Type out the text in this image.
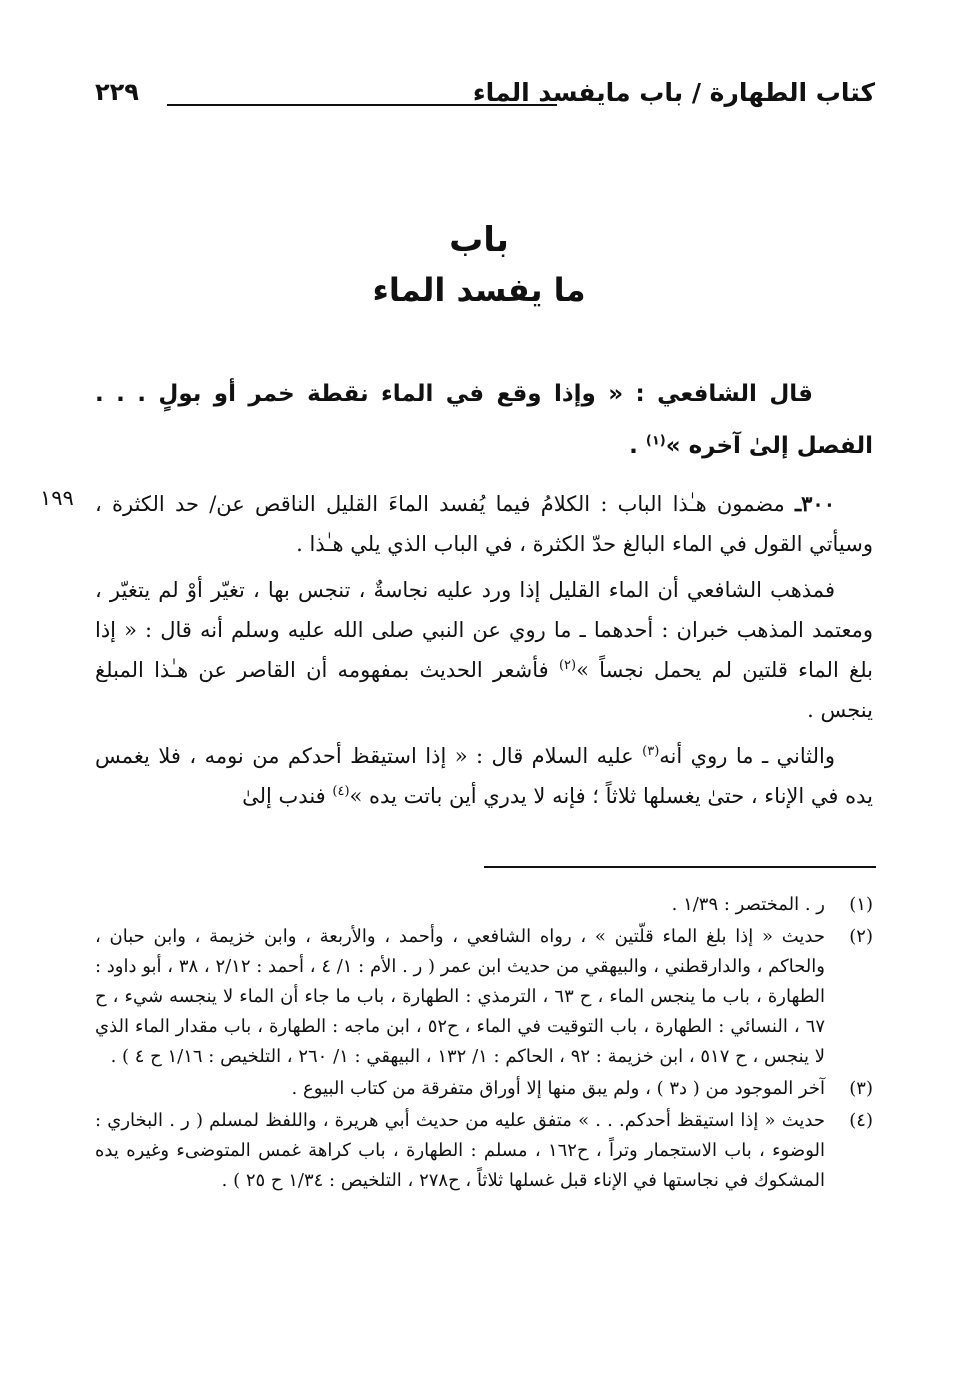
كتاب الطهارة / باب مايفسد الماء
٢٢٩
باب
ما يفسد الماء
١٩٩

قال الشافعي : « وإذا وقع في الماء نقطة خمر أو بولٍ . . . الفصل إلىٰ آخره »$^{(١)}$ .

٣٠٠ـ مضمون هـٰذا الباب : الكلامُ فيما يُفسد الماءَ القليل الناقص عن/ حد الكثرة ، وسيأتي القول في الماء البالغ حدّ الكثرة ، في الباب الذي يلي هـٰذا .

فمذهب الشافعي أن الماء القليل إذا ورد عليه نجاسةٌ ، تنجس بها ، تغيّر أوْ لم يتغيّر ، ومعتمد المذهب خبران : أحدهما ـ ما روي عن النبي صلى الله عليه وسلم أنه قال : « إذا بلغ الماء قلتين لم يحمل نجساً »$^{(٢)}$ فأشعر الحديث بمفهومه أن القاصر عن هـٰذا المبلغ ينجس .

والثاني ـ ما روي أنه$^{(٣)}$ عليه السلام قال : « إذا استيقظ أحدكم من نومه ، فلا يغمس يده في الإناء ، حتىٰ يغسلها ثلاثاً ؛ فإنه لا يدري أين باتت يده »$^{(٤)}$ فندب إلىٰ

(١)
ر . المختصر : ١/٣٩ .
(٢)
حديث « إذا بلغ الماء قلّتين » ، رواه الشافعي ، وأحمد ، والأربعة ، وابن خزيمة ، وابن حبان ، والحاكم ، والدارقطني ، والبيهقي من حديث ابن عمر ( ر . الأم : ١/ ٤ ، أحمد : ٢/١٢ ، ٣٨ ، أبو داود : الطهارة ، باب ما ينجس الماء ، ح ٦٣ ، الترمذي : الطهارة ، باب ما جاء أن الماء لا ينجسه شيء ، ح ٦٧ ، النسائي : الطهارة ، باب التوقيت في الماء ، ح٥٢ ، ابن ماجه : الطهارة ، باب مقدار الماء الذي لا ينجس ، ح ٥١٧ ، ابن خزيمة : ٩٢ ، الحاكم : ١/ ١٣٢ ، البيهقي : ١/ ٢٦٠ ، التلخيص : ١/١٦ ح ٤ ) .
(٣)
آخر الموجود من ( د٣ ) ، ولم يبق منها إلا أوراق متفرقة من كتاب البيوع .
(٤)
حديث « إذا استيقظ أحدكم. . . » متفق عليه من حديث أبي هريرة ، واللفظ لمسلم ( ر . البخاري : الوضوء ، باب الاستجمار وتراً ، ح١٦٢ ، مسلم : الطهارة ، باب كراهة غمس المتوضىء وغيره يده المشكوك في نجاستها في الإناء قبل غسلها ثلاثاً ، ح٢٧٨ ، التلخيص : ١/٣٤ ح ٢٥ ) .
